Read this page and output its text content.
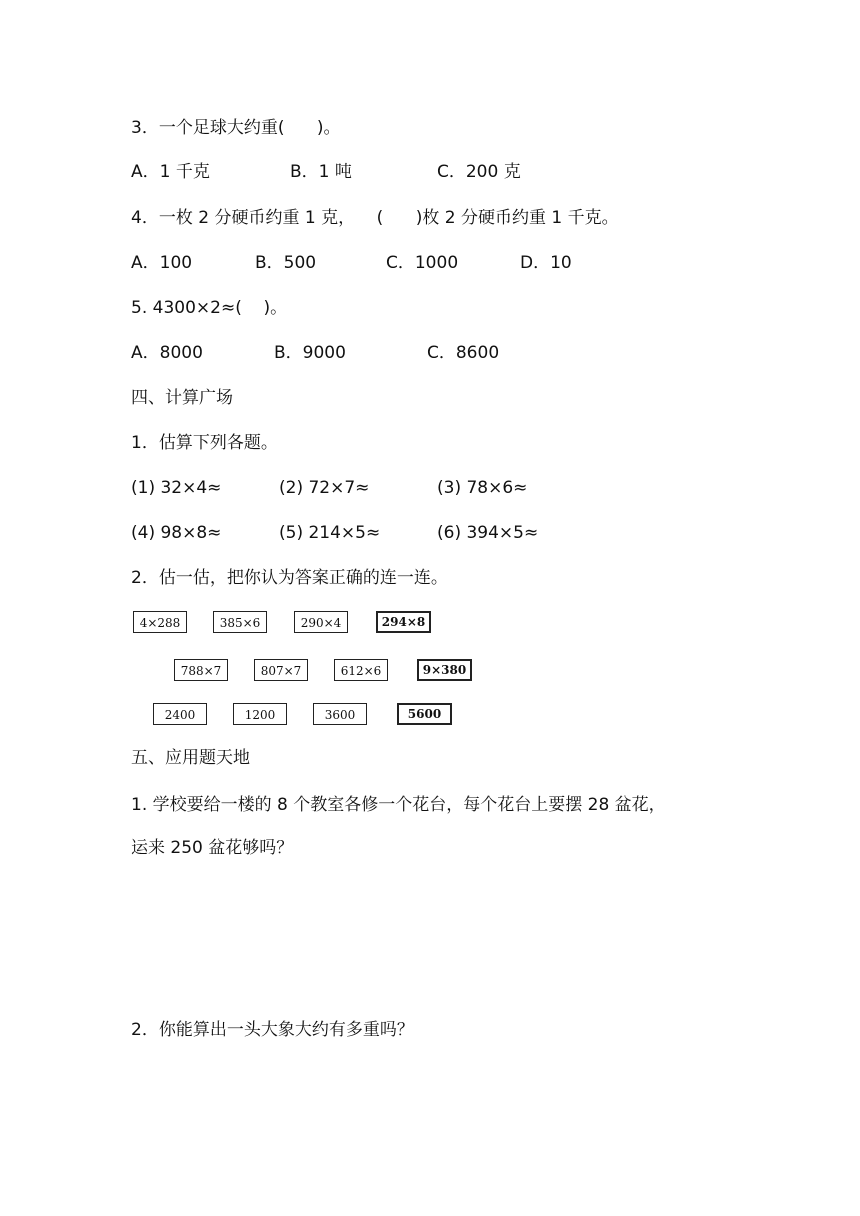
3．一个足球大约重(      )。
A．1 千克	B．1 吨	C．200 克
4．一枚 2 分硬币约重 1 克，    (      )枚 2 分硬币约重 1 千克。
A．100	B．500	C．1000	D．10
5. 4300×2≈(    )。
A．8000	B．9000	C．8600
四、计算广场
1．估算下列各题。
(1) 32×4≈	(2) 72×7≈	(3) 78×6≈
(4) 98×8≈	(5) 214×5≈	(6) 394×5≈
2．估一估，把你认为答案正确的连一连。
4×288	385×6	290×4	294×8
788×7	807×7	612×6	9×380
2400	1200	3600	5600
五、应用题天地
1. 学校要给一楼的 8 个教室各修一个花台，每个花台上要摆 28 盆花，
运来 250 盆花够吗？
2．你能算出一头大象大约有多重吗？
